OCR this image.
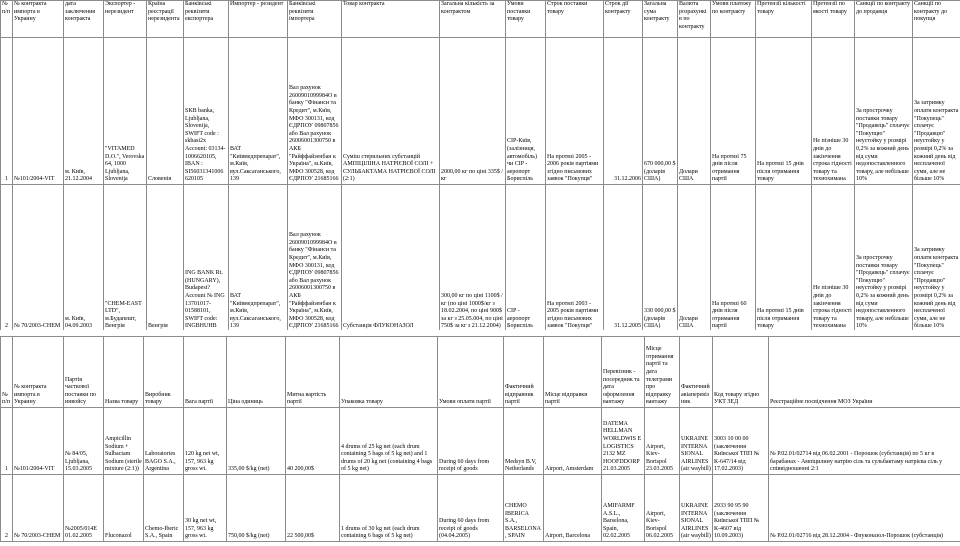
№ п/п	№ контракта импорта в Украину	дата заключения контракта	Экспортер - нерезидент	Країна реєстрації нерезидента	Банківські реквізити експортера	Импортер - резидент	Банківські реквізити імпортера	Товар контракта	Загальна кількість за контрактом	Умови поставки товару	Строк поставки товару	Строк дії контракту	Загальна сума контракту	Валюта розрахунків по контракту	Умови платежу по контракту	Претензії кількості товару	Претензії по якості товару	Санкції по контракту до продавця	Санкції по контракту до покупця
1	№101/2004-VIT	м. Київ, 21.12.2004	"VITAMED D.O.", Verovska 64, 1000 Ljubljana, Slovenija	Словенія	SKB banka, Ljubljana, Slovenija, SWIFT code : skbasi2x Account: 03134-1006620105, IBAN : SI56031341006 620105	ВАТ "Київмедпрепарат", м.Київ, вул.Саксаганського, 139	Вал рахунок 2600901099984О в банку "Фінанси та Кредит", м.Київ, МФО 300131, код ЄДРПОУ 09807856 або Вал рахунок 26006001300750 в АКБ "Райффайзенбан к Україна", м.Київ, МФО 300528, код ЄДРПОУ 21685166	Суміш стерильних субстанцій АМПІЦІЛІНА НАТРІЄВОЇ СОЛІ + СУЛЬБАКТАМА НАТРІЄВОЇ СОЛІ (2:1)	2000,00 кг по ціні 335$ /кг	CIP-Київ, (залізниця, автомобіль) чи CIP - аеропорт Бориспіль	На протязі 2005 - 2006 років партіями згідно письмових заявок "Покупця"	31.12.2006	670 000,00 $ (доларів США)	Долари США	На протязі 75 днів після отримання партії	На протязі 15 днів після отримання товару	Не пізніше 30 днів до закінчення строка гідності товару та технохимана	За прострочку поставки товару "Продавець" сплачує "Покупцю" неустойку у розмірі 0,2% за кожний день від суми недопоставленного товару, але небільше 10%	За затримку оплати контракта "Покупець" сплачує "Продавцю" неустойку у розмірі 0,2% за кожний день від несплаченої суми, але не більше 10%
2	№ 70/2003-CHEM	м. Київ, 04.09.2003	"CHEM-EAST LTD", м.Будапешт, Венгрія	Венгрія	ING BANK Rt. (HUNGARY), Budapest? Account № ING 13701017-01588101, SWIFT code: INGBHUHB	ВАТ "Київмедпрепарат", м.Київ, вул.Саксаганського, 139	Вал рахунок 2600901099984О в банку "Фінанси та Кредит", м.Київ, МФО 300131, код ЄДРПОУ 09807856 або Вал рахунок 26006001300750 в АКБ "Райффайзенбан к Україна", м.Київ, МФО 300528, код ЄДРПОУ 21685166	Субстанція ФЛУКОНАЗОЛ	300,00 кг по ціні 1100$ /кг (по ціні 1000$/кг з 18.02.2004, по ціні 900$ за кг з 25.05.004, по ціні 750$ за кг з 21.12.2004)	CIP - аеропорт Бориспіль	На протязі 2003 - 2005 років партіями згідно письмових заявок "Покупця"	31.12.2005	330 000,00 $ (доларів США)	Долари США	На протязі 60 днів після отримання партії	На протязі 15 днів після отримання товару	Не пізніше 30 днів до закінчення строка гідності товару та технохимана	За прострочку поставки товару "Продавець" сплачує "Покупцю" неустойку у розмірі 0,2% за кожний день від суми недопоставленного товару, але небільше 10%	За затримку оплати контракта "Покупець" сплачує "Продавцю" неустойку у розмірі 0,2% за кожний день від несплаченої суми, але не більше 10%
№ п/п	№ контракта импорта в Украину	Партія часткової поставки по инвойсу	Назва товару	Виробник товару	Вага партії	Ціна одиниць	Митна вартість партії	Упаковка товару	Умови оплати партії	Фактичний відправник партії	Місце відправки партії	Перевізник - посередник та дата оформлення вантажу	Місце отримання партії та дата телеграми про відправку вантажу	Фактичний авіаперевізник	Код товару згідно УКТ ЗЕД	Реєстраційне посвідчення МОЗ України
1	№101/2004-VIT	№ 84/05, Ljubljana, 15.03.2005	Ampicillin Sodium + Sulbactam Sodium (sterile mixture (2:1))	Laboratories BAGO S.A., Argentina	120 kg net wt, 157, 963 kg gross wt.	335,00 $/kg (net)	40 200,00$	4 drums of 25 kg net (each drum containing 5 bags of 5 kg net) and 1 drums of 20 kg net (containing 4 bags of 5 kg net)	During 60 days from receipt of goods	Medsyn B.V, Netherlands	Airport, Amsterdam	DATEMA HELLMAN WORLDWIS E LOGISTICS 2132 MZ HOOFDDORP 21.03.2005	Airport, Kiev-Borispol 23.03.2005	UKRAINE INTERNA SIONAL AIRLINES (air waybill)	3003 10 00 00 (заключення Київської ТПП № К-647/14 від 17.02.2003)	№ Р.02.01/02714 від 06.02.2001 - Порошок (субстанція) по 5 кг в барабанах - Ампіцилину натрію сіль та сульбактаму натрієва сіль у співвідношенні 2:1
2	№ 70/2003-CHEM	№2005/014E 01.02.2005	Fluconazol	Chemo-Iberic S.A., Spain	30 kg net wt, 157, 963 kg gross wt.	750,00 $/kg (net)	22 500,00$	1 drums of 30 kg net (each drum containing 6 bags of 5 kg net)	During 60 days from receipt of goods (04.04.2005)	CHEMO IBERICA S.A., BARSELONA , SPAIN	Airport, Barcelona	AMIFARMF A.S.L., Barselona, Spain, 02.02.2005	Airport, Kiev-Borispol 06.02.2005	UKRAINE INTERNA SIONAL AIRLINES (air waybill)	2933 90 95 90 (заключення Київської ТПП № К-4607 від 10.09.2003)	№ Р.02.01/02716 від 28.12.2004 - Флуконазол-Порошок (субстанція)
